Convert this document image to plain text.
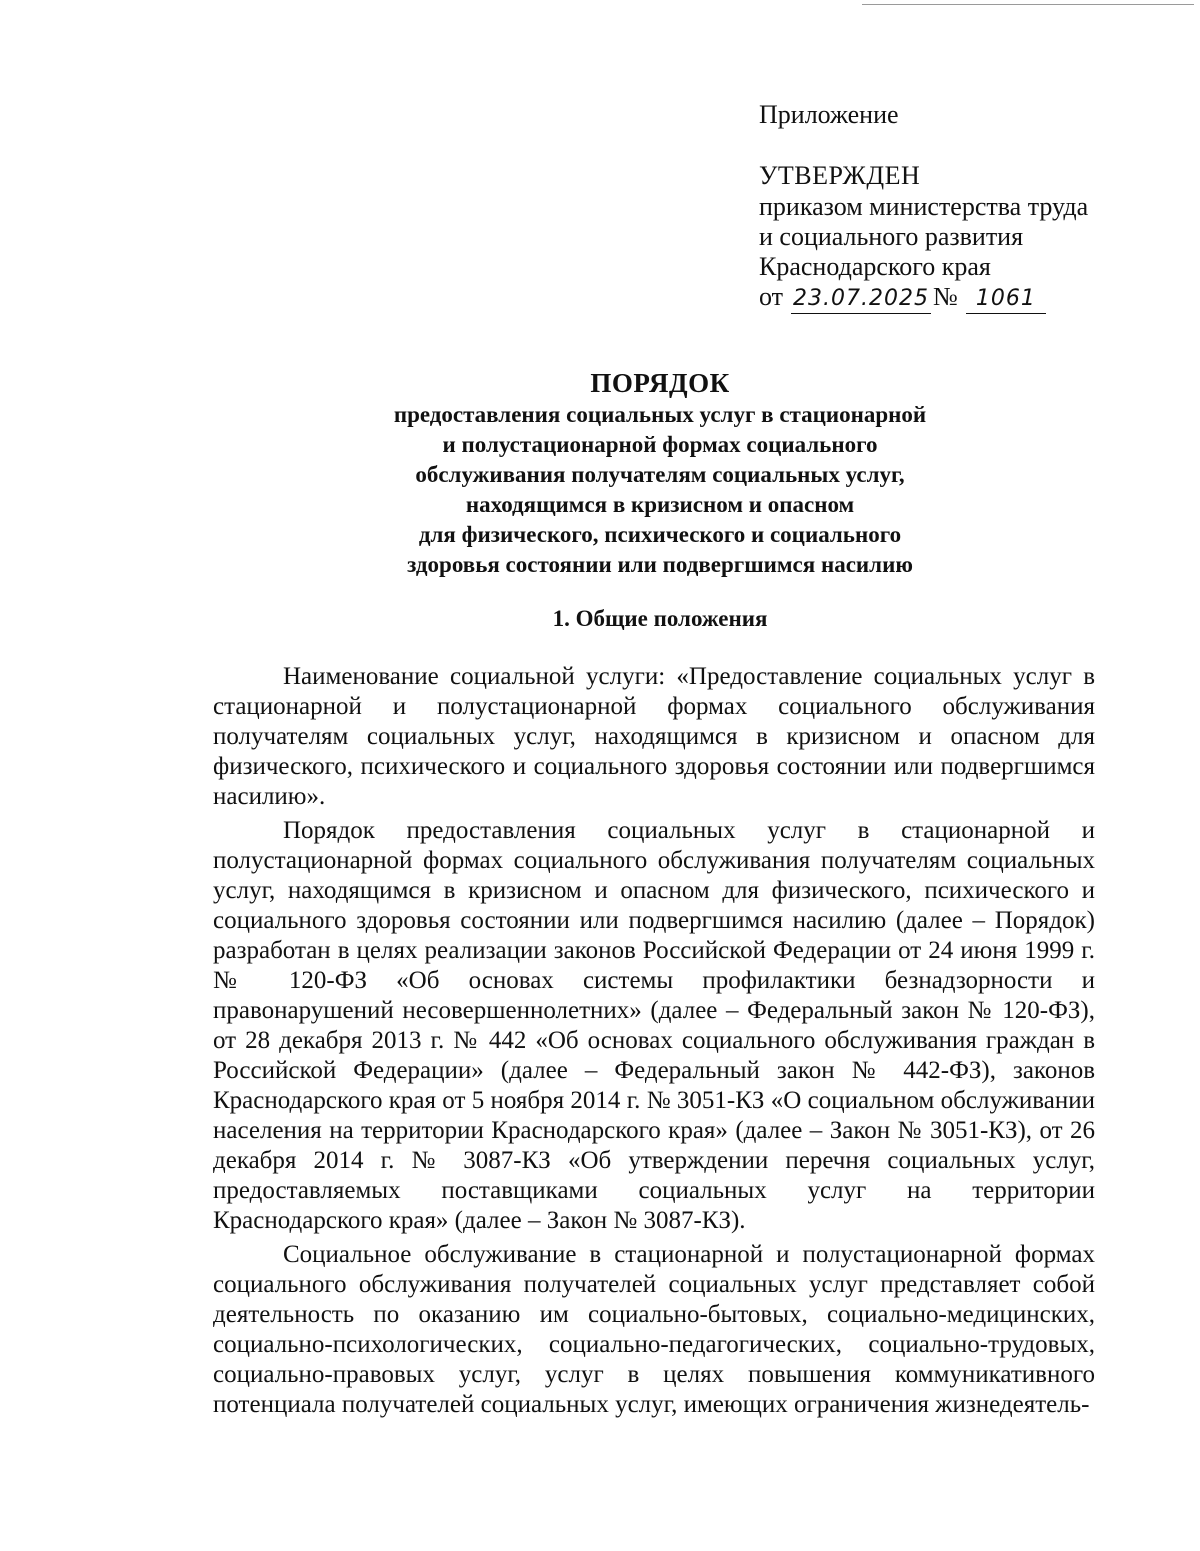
Приложение

УТВЕРЖДЕН

приказом министерства труда

и социального развития

Краснодарского края

от 23.07.2025 № 1061

ПОРЯДОК

предоставления социальных услуг в стационарной

и полустационарной формах социального

обслуживания получателям социальных услуг,

находящимся в кризисном и опасном

для физического, психического и социального

здоровья состоянии или подвергшимся насилию

1. Общие положения

Наименование социальной услуги: «Предоставление социальных услуг в стационарной и полустационарной формах социального обслуживания получателям социальных услуг, находящимся в кризисном и опасном для физического, психического и социального здоровья состоянии или подвергшимся насилию».

Порядок предоставления социальных услуг в стационарной и полустационарной формах социального обслуживания получателям социальных услуг, находящимся в кризисном и опасном для физического, психического и социального здоровья состоянии или подвергшимся насилию (далее – Порядок) разработан в целях реализации законов Российской Федерации от 24 июня 1999 г. № 120-ФЗ «Об основах системы профилактики безнадзорности и правонарушений несовершеннолетних» (далее – Федеральный закон № 120-ФЗ), от 28 декабря 2013 г. № 442 «Об основах социального обслуживания граждан в Российской Федерации» (далее – Федеральный закон № 442-ФЗ), законов Краснодарского края от 5 ноября 2014 г. № 3051-КЗ «О социальном обслуживании населения на территории Краснодарского края» (далее – Закон № 3051-КЗ), от 26 декабря 2014 г. № 3087-КЗ «Об утверждении перечня социальных услуг, предоставляемых поставщиками социальных услуг на территории Краснодарского края» (далее – Закон № 3087-КЗ).

Социальное обслуживание в стационарной и полустационарной формах социального обслуживания получателей социальных услуг представляет собой деятельность по оказанию им социально-бытовых, социально-медицинских, социально-психологических, социально-педагогических, социально-трудовых, социально-правовых услуг, услуг в целях повышения коммуникативного потенциала получателей социальных услуг, имеющих ограничения жизнедеятель-
